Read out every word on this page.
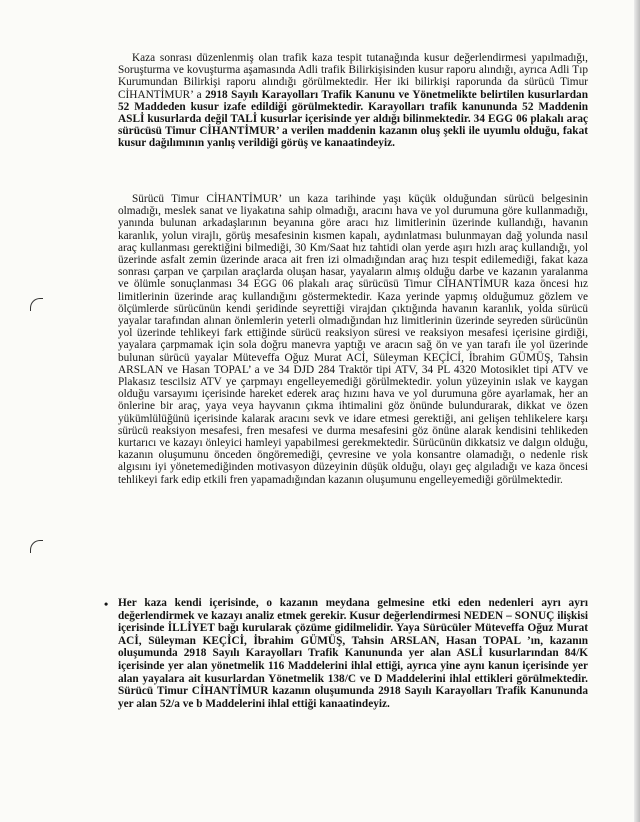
Kaza sonrası düzenlenmiş olan trafik kaza tespit tutanağında kusur değerlendirmesi yapılmadığı, Soruşturma ve kovuşturma aşamasında Adli trafik Bilirkişisinden kusur raporu alındığı, ayrıca Adli Tıp Kurumundan Bilirkişi raporu alındığı görülmektedir. Her iki bilirkişi raporunda da sürücü Timur CİHANTİMUR’ a 2918 Sayılı Karayolları Trafik Kanunu ve Yönetmelikte belirtilen kusurlardan 52 Maddeden kusur izafe edildiği görülmektedir. Karayolları trafik kanununda 52 Maddenin ASLİ kusurlarda değil TALİ kusurlar içerisinde yer aldığı bilinmektedir. 34 EGG 06 plakalı araç sürücüsü Timur CİHANTİMUR’ a verilen maddenin kazanın oluş şekli ile uyumlu olduğu, fakat kusur dağılımının yanlış verildiği görüş ve kanaatindeyiz.

Sürücü Timur CİHANTİMUR’ un kaza tarihinde yaşı küçük olduğundan sürücü belgesinin olmadığı, meslek sanat ve liyakatına sahip olmadığı, aracını hava ve yol durumuna göre kullanmadığı, yanında bulunan arkadaşlarının beyanına göre aracı hız limitlerinin üzerinde kullandığı, havanın karanlık, yolun virajlı, görüş mesafesinin kısmen kapalı, aydınlatması bulunmayan dağ yolunda nasıl araç kullanması gerektiğini bilmediği, 30 Km/Saat hız tahtidi olan yerde aşırı hızlı araç kullandığı, yol üzerinde asfalt zemin üzerinde araca ait fren izi olmadığından araç hızı tespit edilemediği, fakat kaza sonrası çarpan ve çarpılan araçlarda oluşan hasar, yayaların almış olduğu darbe ve kazanın yaralanma ve ölümle sonuçlanması 34 EGG 06 plakalı araç sürücüsü Timur CİHANTİMUR kaza öncesi hız limitlerinin üzerinde araç kullandığını göstermektedir. Kaza yerinde yapmış olduğumuz gözlem ve ölçümlerde sürücünün kendi şeridinde seyrettiği virajdan çıktığında havanın karanlık, yolda sürücü yayalar tarafından alınan önlemlerin yeterli olmadığından hız limitlerinin üzerinde seyreden sürücünün yol üzerinde tehlikeyi fark ettiğinde sürücü reaksiyon süresi ve reaksiyon mesafesi içerisine girdiği, yayalara çarpmamak için sola doğru manevra yaptığı ve aracın sağ ön ve yan tarafı ile yol üzerinde bulunan sürücü yayalar Müteveffa Oğuz Murat ACİ, Süleyman KEÇİCİ, İbrahim GÜMÜŞ, Tahsin ARSLAN ve Hasan TOPAL’ a ve 34 DJD 284 Traktör tipi ATV, 34 PL 4320 Motosiklet tipi ATV ve Plakasız tescilsiz ATV ye çarpmayı engelleyemediği görülmektedir. yolun yüzeyinin ıslak ve kaygan olduğu varsayımı içerisinde hareket ederek araç hızını hava ve yol durumuna göre ayarlamak, her an önlerine bir araç, yaya veya hayvanın çıkma ihtimalini göz önünde bulundurarak, dikkat ve özen yükümlülüğünü içerisinde kalarak aracını sevk ve idare etmesi gerektiği, ani gelişen tehlikelere karşı sürücü reaksiyon mesafesi, fren mesafesi ve durma mesafesini göz önüne alarak kendisini tehlikeden kurtarıcı ve kazayı önleyici hamleyi yapabilmesi gerekmektedir. Sürücünün dikkatsiz ve dalgın olduğu, kazanın oluşumunu önceden öngöremediği, çevresine ve yola konsantre olamadığı, o nedenle risk algısını iyi yönetemediğinden motivasyon düzeyinin düşük olduğu, olayı geç algıladığı ve kaza öncesi tehlikeyi fark edip etkili fren yapamadığından kazanın oluşumunu engelleyemediği görülmektedir.

• Her kaza kendi içerisinde, o kazanın meydana gelmesine etki eden nedenleri ayrı ayrı değerlendirmek ve kazayı analiz etmek gerekir. Kusur değerlendirmesi NEDEN – SONUÇ ilişkisi içerisinde İLLİYET bağı kurularak çözüme gidilmelidir. Yaya Sürücüler Müteveffa Oğuz Murat ACİ, Süleyman KEÇİCİ, İbrahim GÜMÜŞ, Tahsin ARSLAN, Hasan TOPAL ’ın, kazanın oluşumunda 2918 Sayılı Karayolları Trafik Kanununda yer alan ASLİ kusurlarından 84/K içerisinde yer alan yönetmelik 116 Maddelerini ihlal ettiği, ayrıca yine aynı kanun içerisinde yer alan yayalara ait kusurlardan Yönetmelik 138/C ve D Maddelerini ihlal ettikleri görülmektedir. Sürücü Timur CİHANTİMUR kazanın oluşumunda 2918 Sayılı Karayolları Trafik Kanununda yer alan 52/a ve b Maddelerini ihlal ettiği kanaatindeyiz.
